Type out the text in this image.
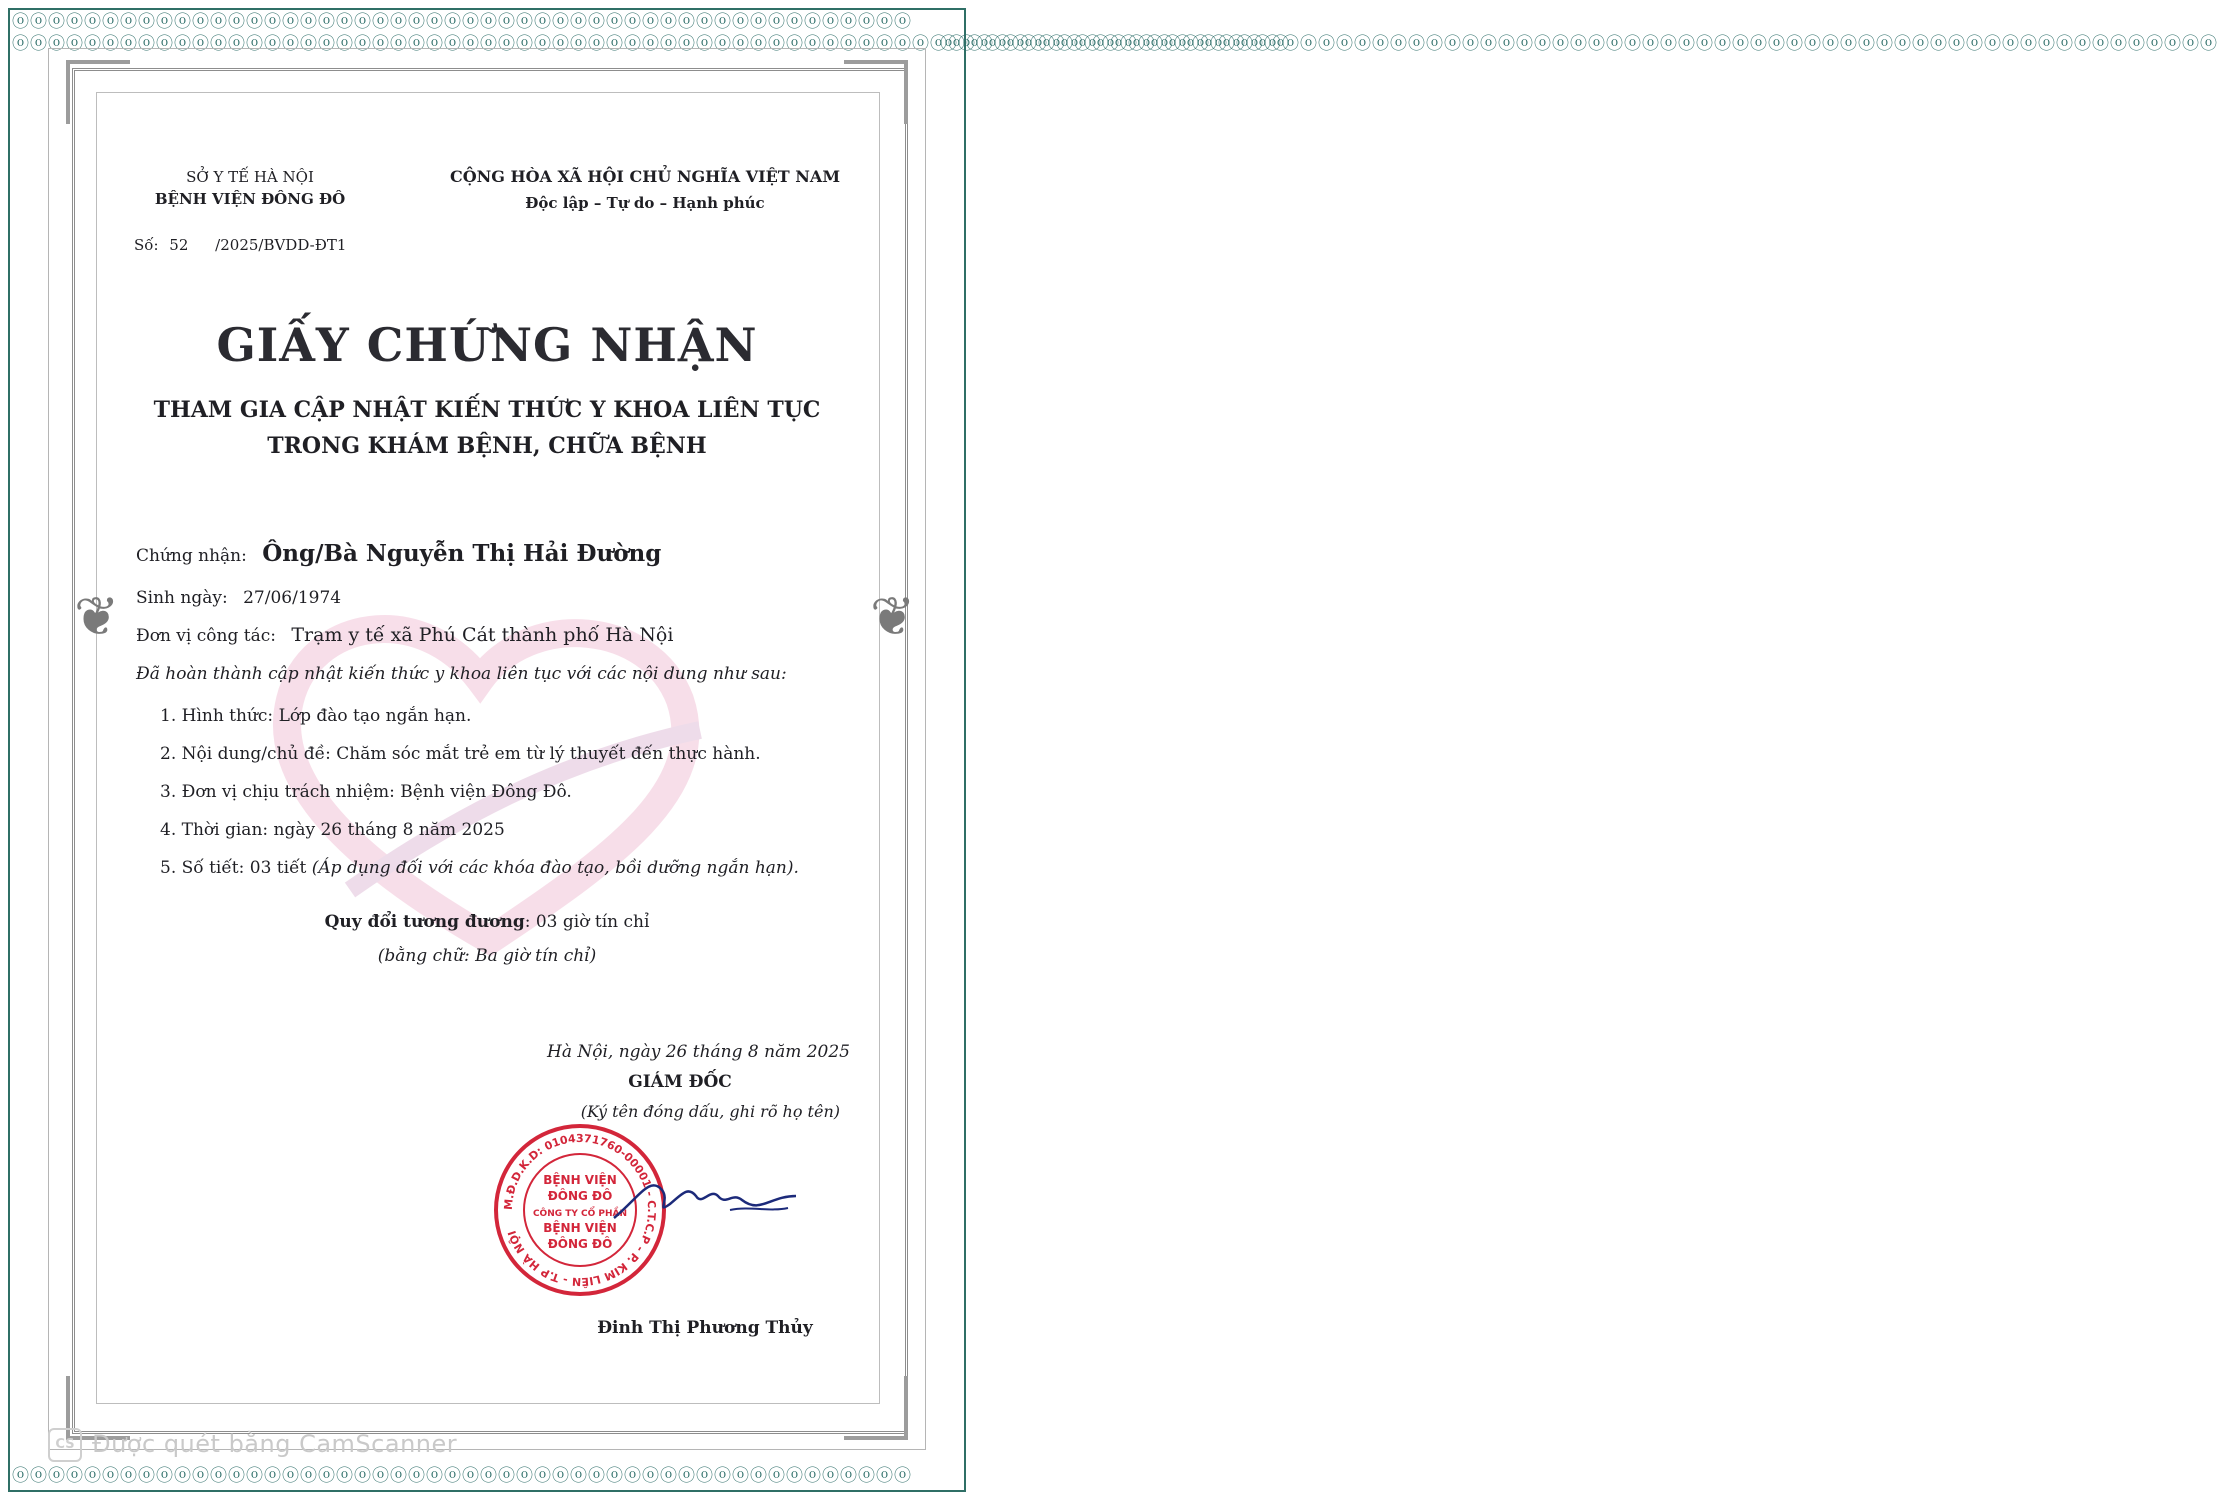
ⓞⓞⓞⓞⓞⓞⓞⓞⓞⓞⓞⓞⓞⓞⓞⓞⓞⓞⓞⓞⓞⓞⓞⓞⓞⓞⓞⓞⓞⓞⓞⓞⓞⓞⓞⓞⓞⓞⓞⓞⓞⓞⓞⓞⓞⓞⓞⓞⓞⓞ
ⓞⓞⓞⓞⓞⓞⓞⓞⓞⓞⓞⓞⓞⓞⓞⓞⓞⓞⓞⓞⓞⓞⓞⓞⓞⓞⓞⓞⓞⓞⓞⓞⓞⓞⓞⓞⓞⓞⓞⓞⓞⓞⓞⓞⓞⓞⓞⓞⓞⓞ
ⓞⓞⓞⓞⓞⓞⓞⓞⓞⓞⓞⓞⓞⓞⓞⓞⓞⓞⓞⓞⓞⓞⓞⓞⓞⓞⓞⓞⓞⓞⓞⓞⓞⓞⓞⓞⓞⓞⓞⓞⓞⓞⓞⓞⓞⓞⓞⓞⓞⓞⓞⓞⓞⓞⓞⓞⓞⓞⓞⓞⓞⓞⓞⓞⓞⓞⓞⓞⓞⓞⓞ
ⓞⓞⓞⓞⓞⓞⓞⓞⓞⓞⓞⓞⓞⓞⓞⓞⓞⓞⓞⓞⓞⓞⓞⓞⓞⓞⓞⓞⓞⓞⓞⓞⓞⓞⓞⓞⓞⓞⓞⓞⓞⓞⓞⓞⓞⓞⓞⓞⓞⓞⓞⓞⓞⓞⓞⓞⓞⓞⓞⓞⓞⓞⓞⓞⓞⓞⓞⓞⓞⓞⓞ
❦	❦
SỞ Y TẾ HÀ NỘI
BỆNH VIỆN ĐÔNG ĐÔ
Số: 52 /2025/BVDD-ĐT1
CỘNG HÒA XÃ HỘI CHỦ NGHĨA VIỆT NAM
Độc lập – Tự do – Hạnh phúc
GIẤY CHỨNG NHẬN
THAM GIA CẬP NHẬT KIẾN THỨC Y KHOA LIÊN TỤC
TRONG KHÁM BỆNH, CHỮA BỆNH
Chứng nhận: Ông/Bà Nguyễn Thị Hải Đường
Sinh ngày: 27/06/1974
Đơn vị công tác: Trạm y tế xã Phú Cát thành phố Hà Nội
Đã hoàn thành cập nhật kiến thức y khoa liên tục với các nội dung như sau:
1. Hình thức: Lớp đào tạo ngắn hạn.
2. Nội dung/chủ đề: Chăm sóc mắt trẻ em từ lý thuyết đến thực hành.
3. Đơn vị chịu trách nhiệm: Bệnh viện Đông Đô.
4. Thời gian: ngày 26 tháng 8 năm 2025
5. Số tiết: 03 tiết (Áp dụng đối với các khóa đào tạo, bồi dưỡng ngắn hạn).
Quy đổi tương đương: 03 giờ tín chỉ
(bằng chữ: Ba giờ tín chỉ)
Hà Nội, ngày 26 tháng 8 năm 2025
GIÁM ĐỐC
(Ký tên đóng dấu, ghi rõ họ tên)
M.Đ.D.K.D: 0104371760-00001 - C.T.C.P - P. KIM LIÊN - T.P HÀ NỘI
BỆNH VIỆN
ĐÔNG ĐÔ
CÔNG TY CỔ PHẦN
BỆNH VIỆN
ĐÔNG ĐÔ
Đinh Thị Phương Thủy
CS Được quét bằng CamScanner
